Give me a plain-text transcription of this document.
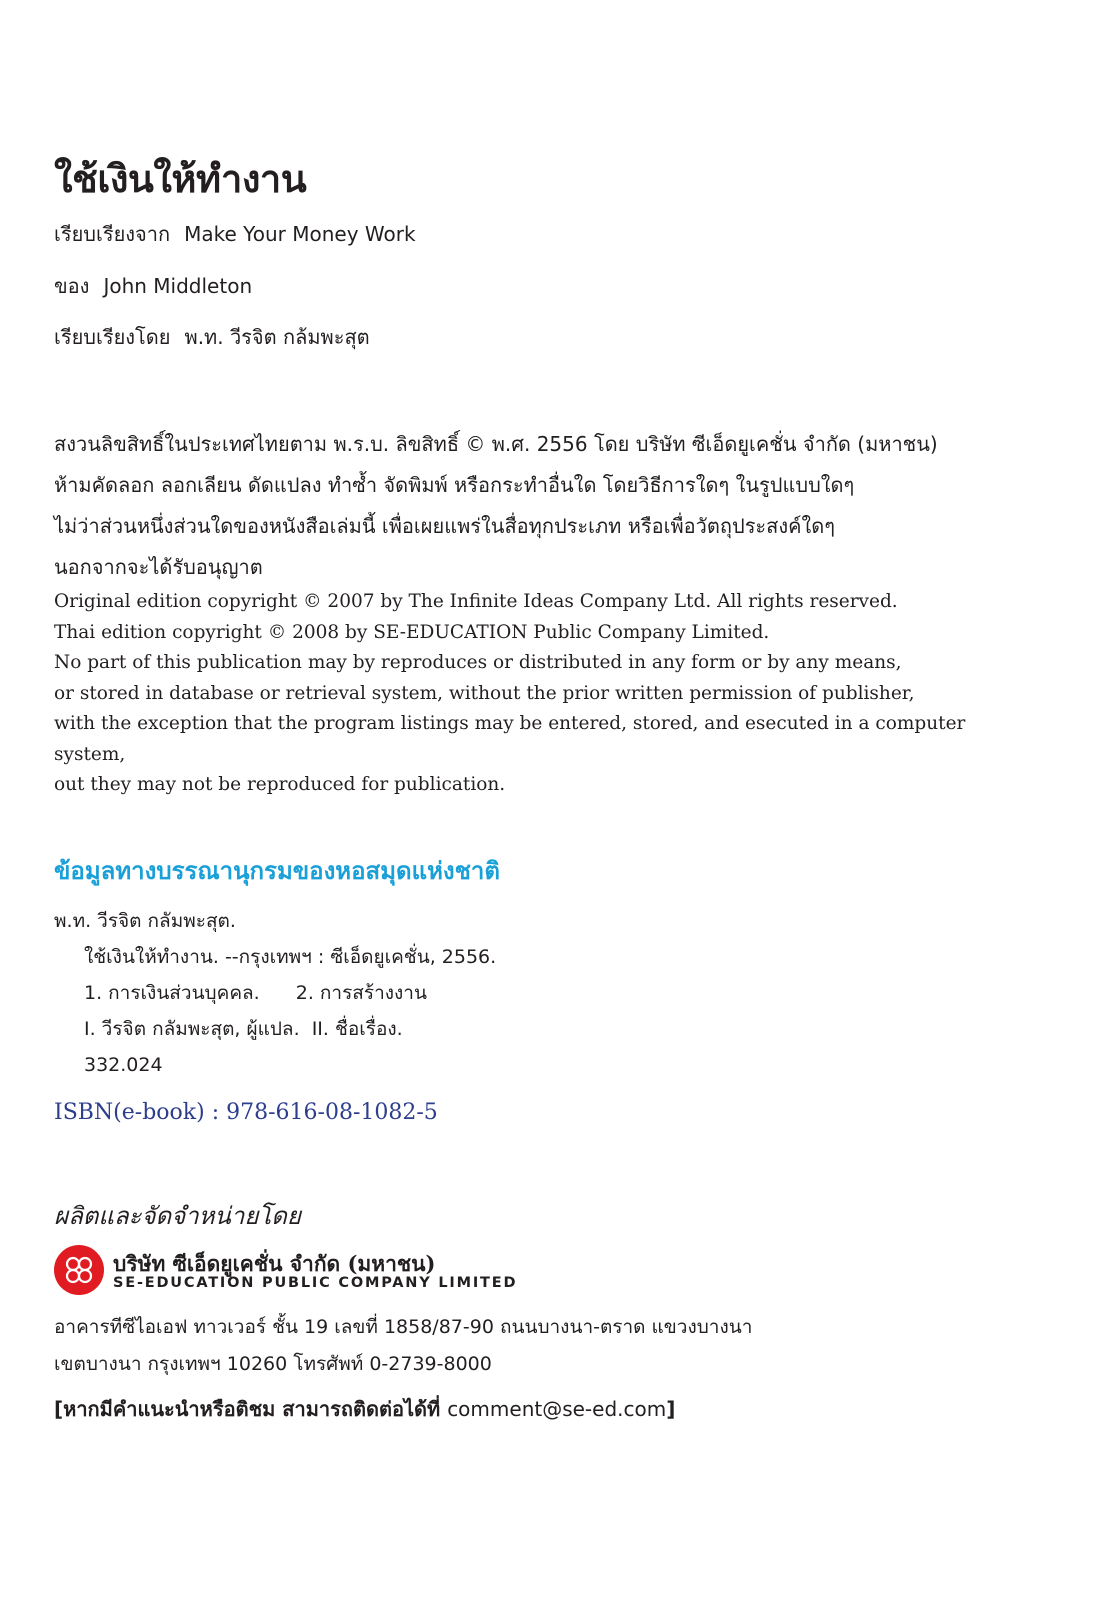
ใช้เงินให้ทำงาน
เรียบเรียงจาก Make Your Money Work
ของ John Middleton
เรียบเรียงโดย พ.ท. วีรจิต กล้มพะสุต
สงวนลิขสิทธิ์ในประเทศไทยตาม พ.ร.บ. ลิขสิทธิ์ © พ.ศ. 2556 โดย บริษัท ซีเอ็ดยูเคชั่น จำกัด (มหาชน)
ห้ามคัดลอก ลอกเลียน ดัดแปลง ทำซ้ำ จัดพิมพ์ หรือกระทำอื่นใด โดยวิธีการใดๆ ในรูปแบบใดๆ
ไม่ว่าส่วนหนึ่งส่วนใดของหนังสือเล่มนี้ เพื่อเผยแพร่ในสื่อทุกประเภท หรือเพื่อวัตถุประสงค์ใดๆ
นอกจากจะได้รับอนุญาต
Original edition copyright © 2007 by The Infinite Ideas Company Ltd. All rights reserved.
Thai edition copyright © 2008 by SE-EDUCATION Public Company Limited.
No part of this publication may by reproduces or distributed in any form or by any means,
or stored in database or retrieval system, without the prior written permission of publisher,
with the exception that the program listings may be entered, stored, and esecuted in a computer
system,
out they may not be reproduced for publication.
ข้อมูลทางบรรณานุกรมของหอสมุดแห่งชาติ
พ.ท. วีรจิต กลัมพะสุต.
ใช้เงินให้ทำงาน. --กรุงเทพฯ : ซีเอ็ดยูเคชั่น, 2556.
1. การเงินส่วนบุคคล. 2. การสร้างงาน
I. วีรจิต กลัมพะสุต, ผู้แปล. II. ชื่อเรื่อง.
332.024
ISBN(e-book) : 978-616-08-1082-5
ผลิตและจัดจำหน่ายโดย
บริษัท ซีเอ็ดยูเคชั่น จำกัด (มหาชน)
SE-EDUCATION PUBLIC COMPANY LIMITED
อาคารทีซีไอเอฟ ทาวเวอร์ ชั้น 19 เลขที่ 1858/87-90 ถนนบางนา-ตราด แขวงบางนา
เขตบางนา กรุงเทพฯ 10260 โทรศัพท์ 0-2739-8000
[หากมีคำแนะนำหรือติชม สามารถติดต่อได้ที่ comment@se-ed.com]
